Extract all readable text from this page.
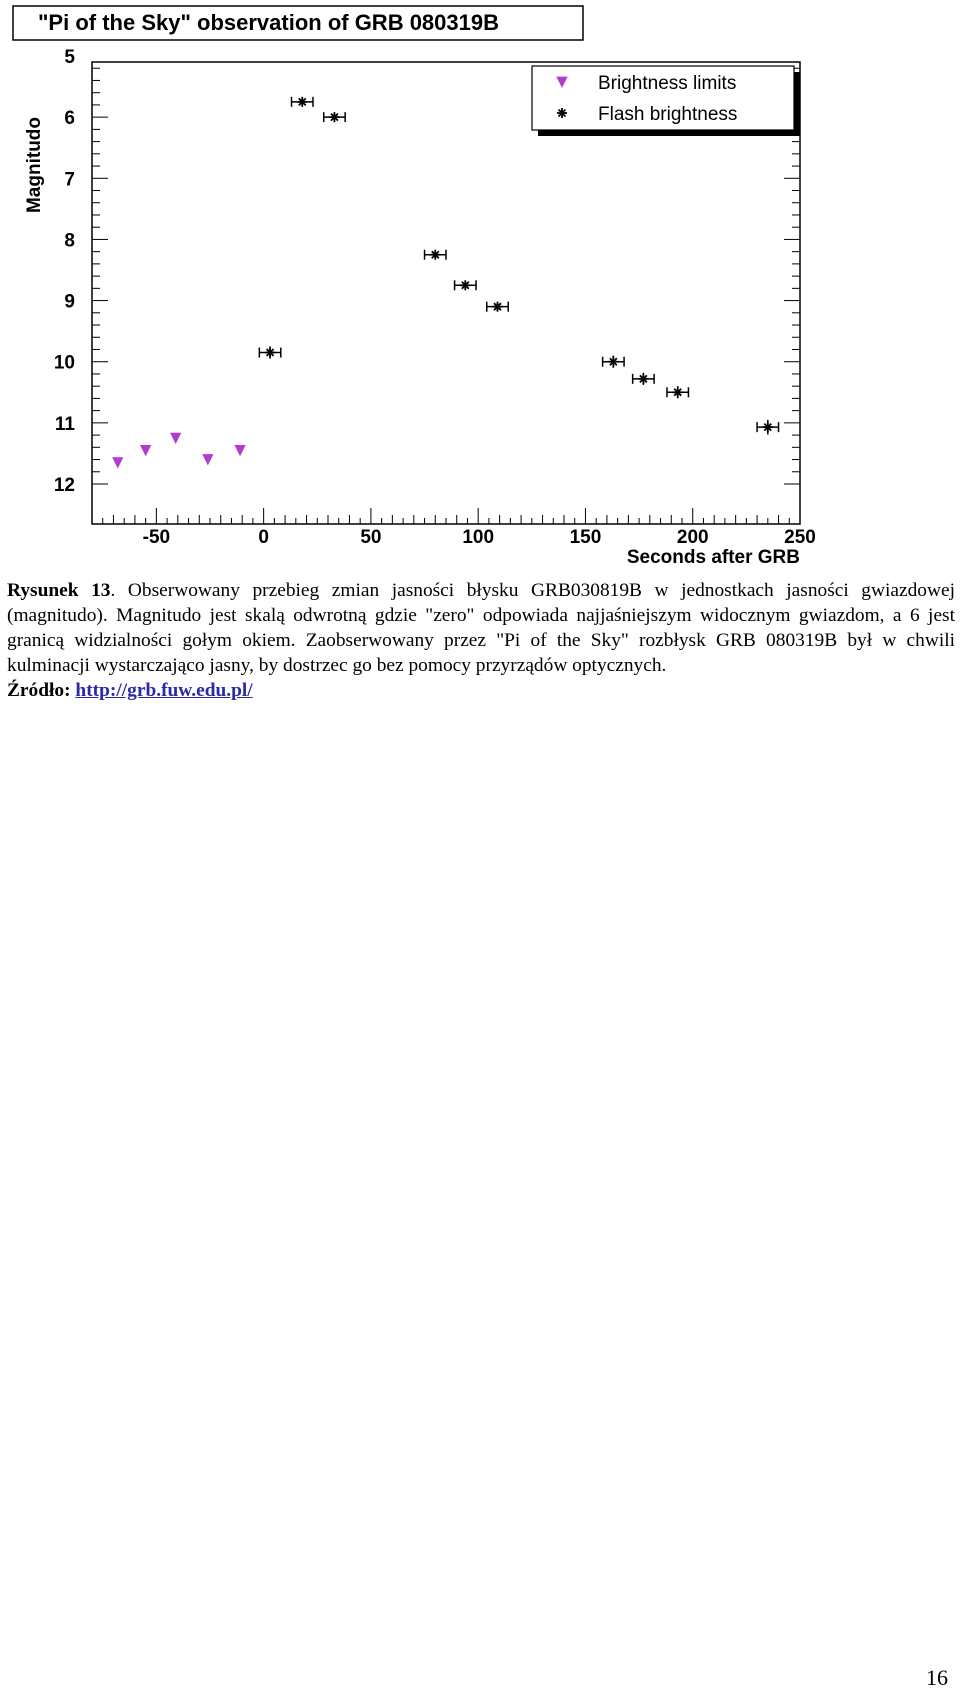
"Pi of the Sky" observation of GRB 080319B
5
6
7
8
9
10
11
12
-50	0	50	100	150	200	250
Magnitudo
Seconds after GRB
Brightness limits
Flash brightness
Rysunek 13. Obserwowany przebieg zmian jasności błysku GRB030819B w jednostkach jasności gwiazdowej (magnitudo). Magnitudo jest skalą odwrotną gdzie "zero" odpowiada najjaśniejszym widocznym gwiazdom, a 6 jest granicą widzialności gołym okiem. Zaobserwowany przez "Pi of the Sky" rozbłysk GRB 080319B był w chwili kulminacji wystarczająco jasny, by dostrzec go bez pomocy przyrządów optycznych.
Źródło: http://grb.fuw.edu.pl/
16
